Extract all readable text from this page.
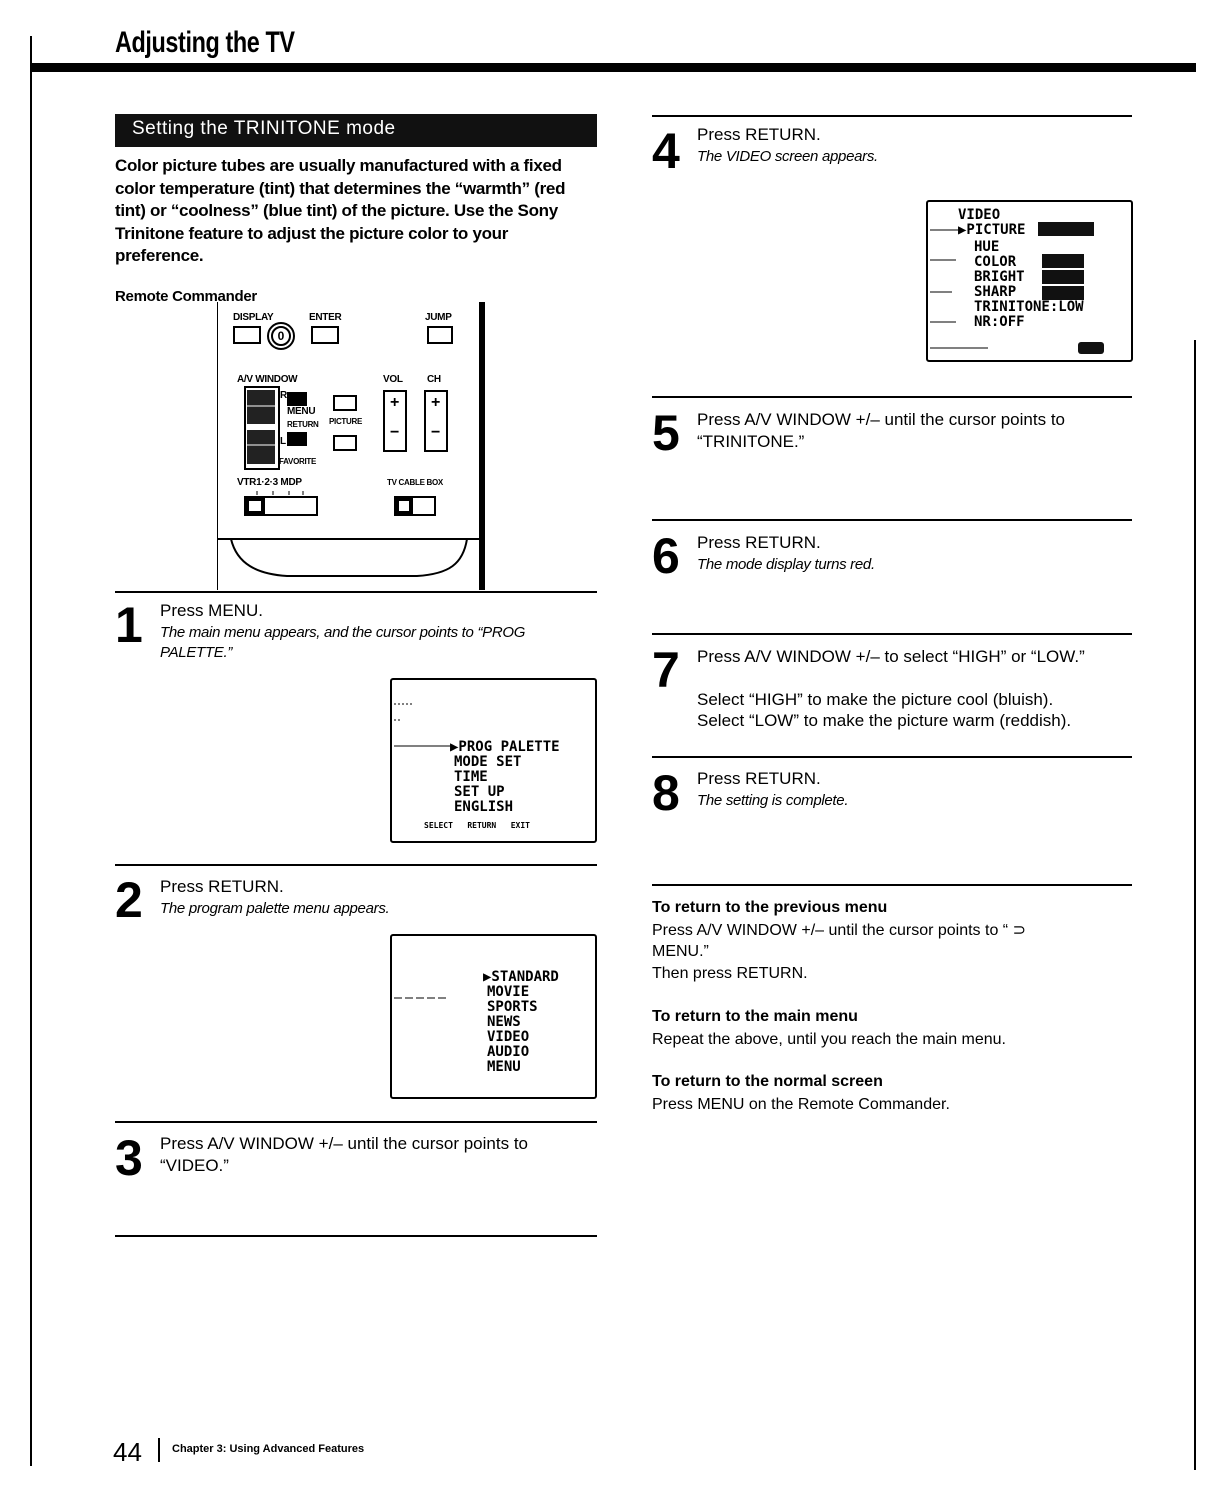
Adjusting the TV
Setting the TRINITONE mode
Color picture tubes are usually manufactured with a fixed color temperature (tint) that determines the “warmth” (red tint) or “coolness” (blue tint) of the picture. Use the Sony Trinitone feature to adjust the picture color to your preference.
Remote Commander
DISPLAY
0
ENTER	JUMP
A/V WINDOW
R
L
MENU
RETURN
FAVORITE
PICTURE
VOL CH
+
−
+
−
VTR1·2·3 MDP	TV CABLE BOX
1 Press MENU.
The main menu appears, and the cursor points to “PROG PALETTE.”
▶PROG PALETTE
MODE SET
TIME
SET UP
ENGLISH
SELECT   RETURN   EXIT
2 Press RETURN.
The program palette menu appears.
▶STANDARD
MOVIE
SPORTS
NEWS
VIDEO
AUDIO
MENU
3 Press A/V WINDOW +/– until the cursor points to “VIDEO.”
4 Press RETURN.
The VIDEO screen appears.
VIDEO
▶PICTURE
HUE
COLOR
BRIGHT
SHARP
TRINITONE:LOW
NR:OFF
5 Press A/V WINDOW +/– until the cursor points to “TRINITONE.”
6 Press RETURN.
The mode display turns red.
7 Press A/V WINDOW +/– to select “HIGH” or “LOW.”
Select “HIGH” to make the picture cool (bluish).
Select “LOW” to make the picture warm (reddish).
8 Press RETURN.
The setting is complete.
To return to the previous menu
Press A/V WINDOW +/– until the cursor points to “ ⊃ MENU.”
Then press RETURN.
To return to the main menu
Repeat the above, until you reach the main menu.
To return to the normal screen
Press MENU on the Remote Commander.
44	Chapter 3: Using Advanced Features
